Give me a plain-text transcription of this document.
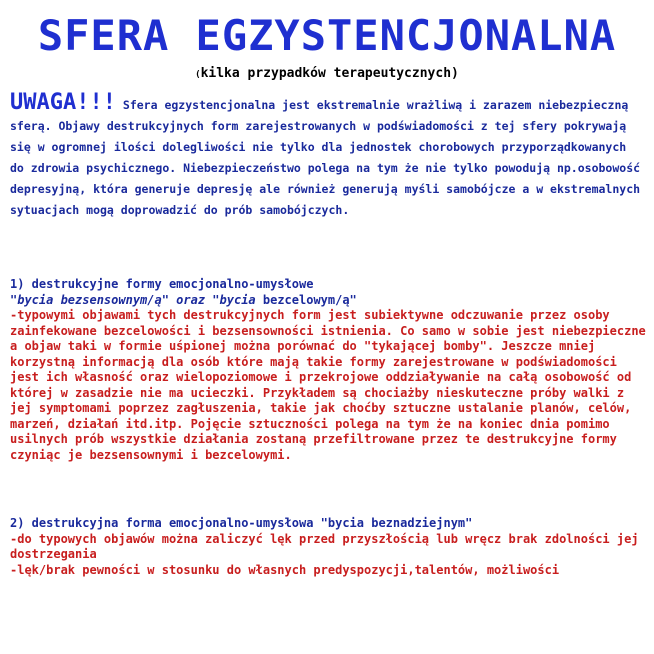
SFERA EGZYSTENCJONALNA
(kilka przypadków terapeutycznych)

UWAGA!!! Sfera egzystencjonalna jest ekstremalnie wrażliwą i zarazem niebezpieczną sferą. Objawy destrukcyjnych form zarejestrowanych w podświadomości z tej sfery pokrywają się w ogromnej ilości dolegliwości nie tylko dla jednostek chorobowych przyporządkowanych do zdrowia psychicznego. Niebezpieczeństwo polega na tym że nie tylko powodują np.osobowość depresyjną, która generuje depresję ale również generują myśli samobójcze a w ekstremalnych sytuacjach mogą doprowadzić do prób samobójczych.

1) destrukcyjne formy emocjonalno-umysłowe
"bycia bezsensownym/ą" oraz "bycia bezcelowym/ą"
-typowymi objawami tych destrukcyjnych form jest subiektywne odczuwanie przez osoby zainfekowane bezcelowości i bezsensowności istnienia. Co samo w sobie jest niebezpieczne a objaw taki w formie uśpionej można porównać do "tykającej bomby". Jeszcze mniej korzystną informacją dla osób które mają takie formy zarejestrowane w podświadomości jest ich własność oraz wielopoziomowe i przekrojowe oddziaływanie na całą osobowość od której w zasadzie nie ma ucieczki. Przykładem są chociażby nieskuteczne próby walki z jej symptomami poprzez zagłuszenia, takie jak choćby sztuczne ustalanie planów, celów, marzeń, działań itd.itp. Pojęcie sztuczności polega na tym że na koniec dnia pomimo usilnych prób wszystkie działania zostaną przefiltrowane przez te destrukcyjne formy czyniąc je bezsensownymi i bezcelowymi.
2) destrukcyjna forma emocjonalno-umysłowa "bycia beznadziejnym"
-do typowych objawów można zaliczyć lęk przed przyszłością lub wręcz brak zdolności jej dostrzegania
-lęk/brak pewności w stosunku do własnych predyspozycji,talentów, możliwości
